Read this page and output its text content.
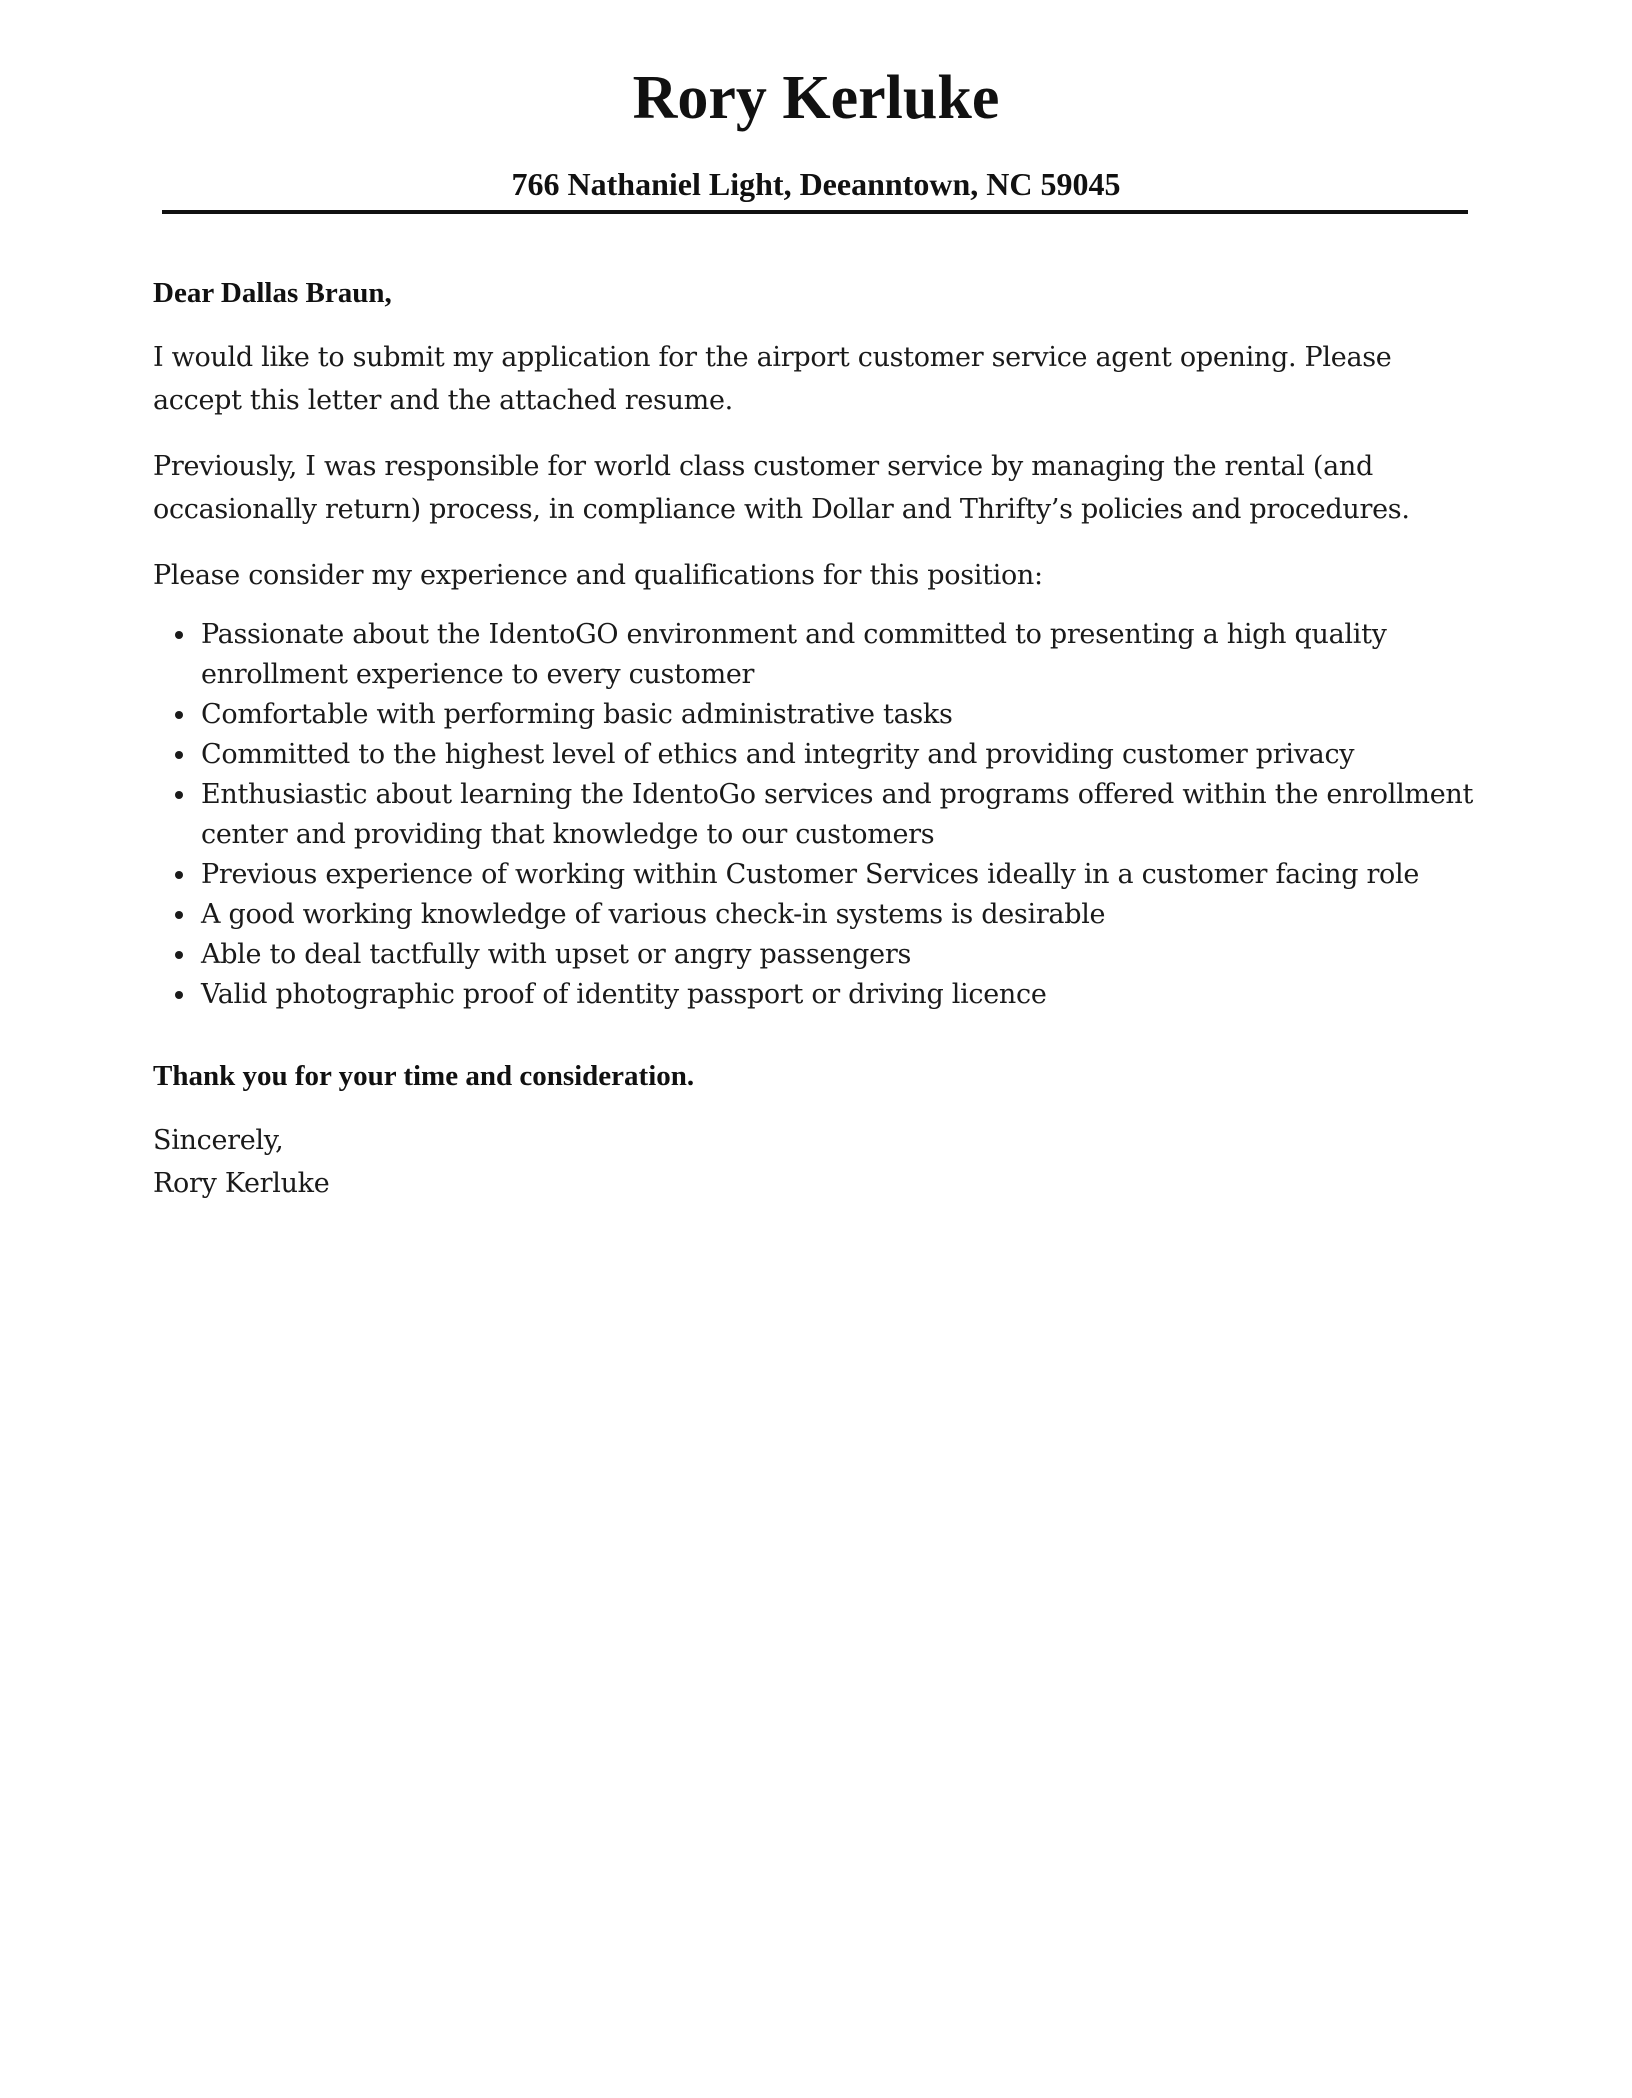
Rory Kerluke

766 Nathaniel Light, Deeanntown, NC 59045

Dear Dallas Braun,

I would like to submit my application for the airport customer service agent opening. Please accept this letter and the attached resume.

Previously, I was responsible for world class customer service by managing the rental (and occasionally return) process, in compliance with Dollar and Thrifty’s policies and procedures.

Please consider my experience and qualifications for this position:

Passionate about the IdentoGO environment and committed to presenting a high quality enrollment experience to every customer
Comfortable with performing basic administrative tasks
Committed to the highest level of ethics and integrity and providing customer privacy
Enthusiastic about learning the IdentoGo services and programs offered within the enrollment center and providing that knowledge to our customers
Previous experience of working within Customer Services ideally in a customer facing role
A good working knowledge of various check-in systems is desirable
Able to deal tactfully with upset or angry passengers
Valid photographic proof of identity passport or driving licence

Thank you for your time and consideration.

Sincerely,

Rory Kerluke
